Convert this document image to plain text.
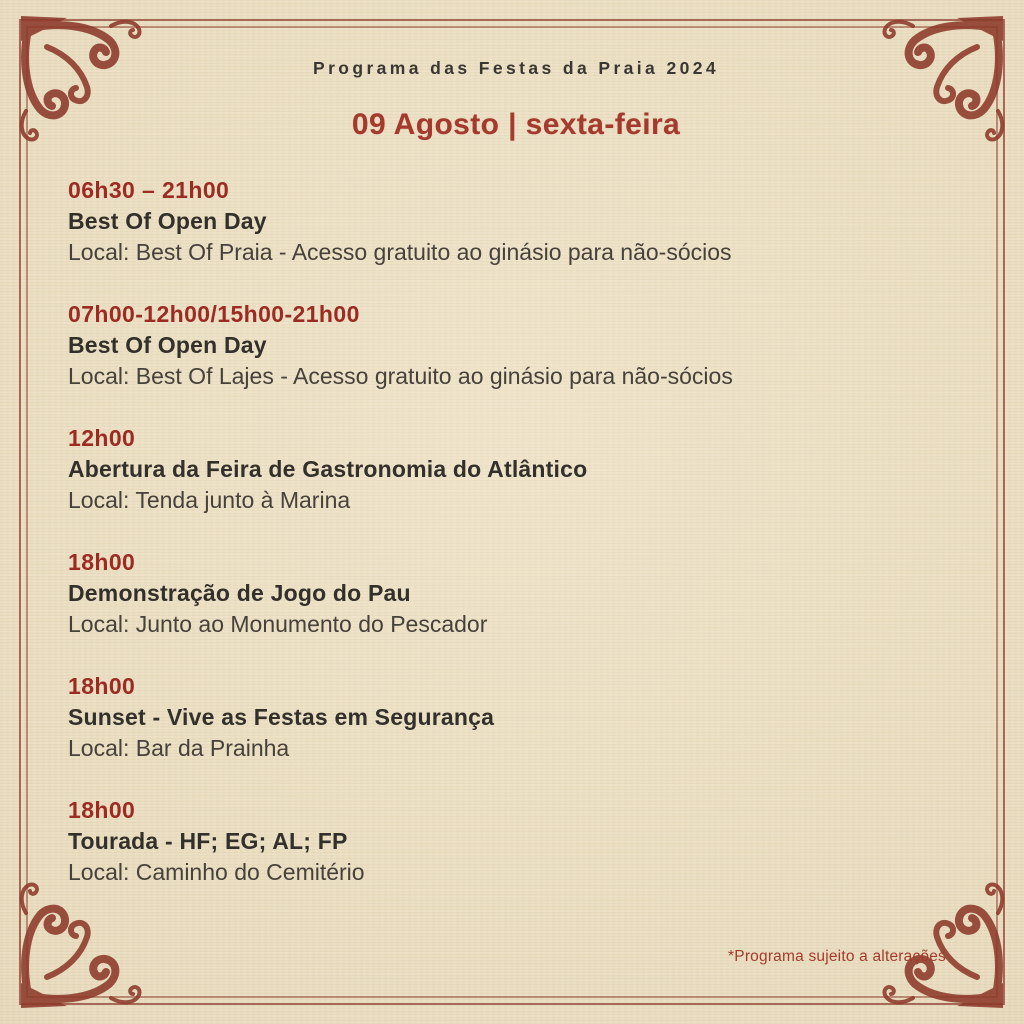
Programa das Festas da Praia 2024
09 Agosto | sexta-feira
06h30 – 21h00
Best Of Open Day
Local: Best Of Praia - Acesso gratuito ao ginásio para não-sócios
07h00-12h00/15h00-21h00
Best Of Open Day
Local: Best Of Lajes - Acesso gratuito ao ginásio para não-sócios
12h00
Abertura da Feira de Gastronomia do Atlântico
Local: Tenda junto à Marina
18h00
Demonstração de Jogo do Pau
Local: Junto ao Monumento do Pescador
18h00
Sunset - Vive as Festas em Segurança
Local: Bar da Prainha
18h00
Tourada - HF; EG; AL; FP
Local: Caminho do Cemitério
*Programa sujeito a alterações
